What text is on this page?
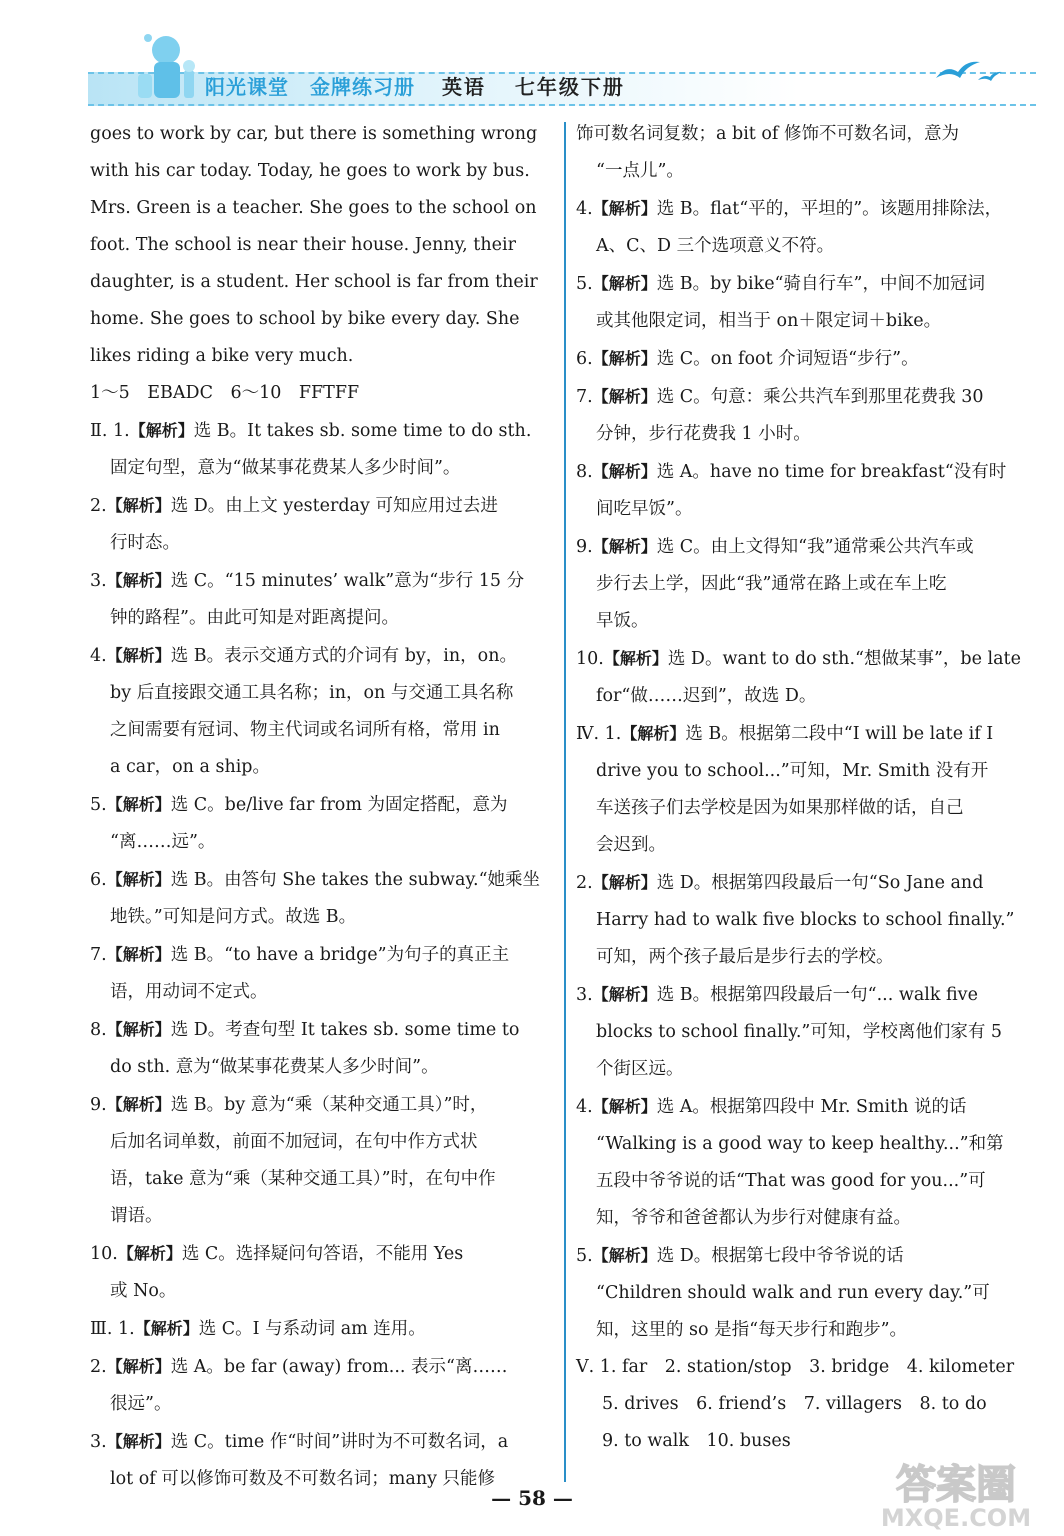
阳光课堂 金牌练习册 英语 七年级下册

goes to work by car, but there is something wrong

with his car today. Today, he goes to work by bus.

Mrs. Green is a teacher. She goes to the school on

foot. The school is near their house. Jenny, their

daughter, is a student. Her school is far from their

home. She goes to school by bike every day. She

likes riding a bike very much.

1～5　EBADC　6～10　FFTFF

Ⅱ. 1.【解析】选 B。It takes sb. some time to do sth.

固定句型，意为“做某事花费某人多少时间”。

2.【解析】选 D。由上文 yesterday 可知应用过去进

行时态。

3.【解析】选 C。“15 minutes’ walk”意为“步行 15 分

钟的路程”。由此可知是对距离提问。

4.【解析】选 B。表示交通方式的介词有 by，in，on。

by 后直接跟交通工具名称；in，on 与交通工具名称

之间需要有冠词、物主代词或名词所有格，常用 in

a car，on a ship。

5.【解析】选 C。be/live far from 为固定搭配，意为

“离……远”。

6.【解析】选 B。由答句 She takes the subway.“她乘坐

地铁。”可知是问方式。故选 B。

7.【解析】选 B。“to have a bridge”为句子的真正主

语，用动词不定式。

8.【解析】选 D。考查句型 It takes sb. some time to

do sth. 意为“做某事花费某人多少时间”。

9.【解析】选 B。by 意为“乘（某种交通工具）”时，

后加名词单数，前面不加冠词，在句中作方式状

语，take 意为“乘（某种交通工具）”时，在句中作

谓语。

10.【解析】选 C。选择疑问句答语，不能用 Yes

或 No。

Ⅲ. 1.【解析】选 C。I 与系动词 am 连用。

2.【解析】选 A。be far (away) from... 表示“离……

很远”。

3.【解析】选 C。time 作“时间”讲时为不可数名词，a

lot of 可以修饰可数及不可数名词；many 只能修

饰可数名词复数；a bit of 修饰不可数名词，意为

“一点儿”。

4.【解析】选 B。flat“平的，平坦的”。该题用排除法，

A、C、D 三个选项意义不符。

5.【解析】选 B。by bike“骑自行车”，中间不加冠词

或其他限定词，相当于 on＋限定词＋bike。

6.【解析】选 C。on foot 介词短语“步行”。

7.【解析】选 C。句意：乘公共汽车到那里花费我 30

分钟，步行花费我 1 小时。

8.【解析】选 A。have no time for breakfast“没有时

间吃早饭”。

9.【解析】选 C。由上文得知“我”通常乘公共汽车或

步行去上学，因此“我”通常在路上或在车上吃

早饭。

10.【解析】选 D。want to do sth.“想做某事”，be late

for“做……迟到”，故选 D。

Ⅳ. 1.【解析】选 B。根据第二段中“I will be late if I

drive you to school...”可知，Mr. Smith 没有开

车送孩子们去学校是因为如果那样做的话，自己

会迟到。

2.【解析】选 D。根据第四段最后一句“So Jane and

Harry had to walk five blocks to school finally.”

可知，两个孩子最后是步行去的学校。

3.【解析】选 B。根据第四段最后一句“... walk five

blocks to school finally.”可知，学校离他们家有 5

个街区远。

4.【解析】选 A。根据第四段中 Mr. Smith 说的话

“Walking is a good way to keep healthy...”和第

五段中爷爷说的话“That was good for you...”可

知，爷爷和爸爸都认为步行对健康有益。

5.【解析】选 D。根据第七段中爷爷说的话

“Children should walk and run every day.”可

知，这里的 so 是指“每天步行和跑步”。

Ⅴ. 1. far　2. station/stop　3. bridge　4. kilometer

5. drives　6. friend’s　7. villagers　8. to do

9. to walk　10. buses

— 58 —	答案圈
MXQE.COM
